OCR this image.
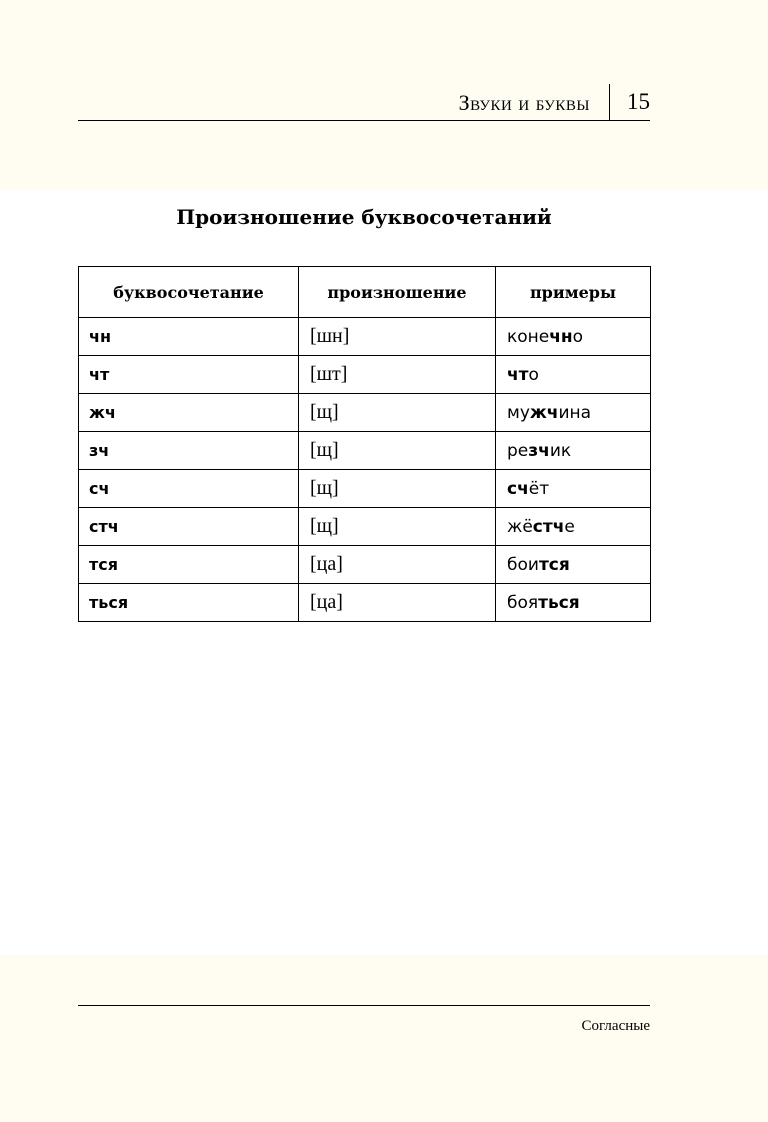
Звуки и буквы 15
Произношение буквосочетаний
буквосочетание	произношение	примеры
чн	[шн]	конечно
чт	[шт]	что
жч	[щ]	мужчина
зч	[щ]	резчик
сч	[щ]	счёт
стч	[щ]	жёстче
тся	[ца]	боится
ться	[ца]	бояться
Согласные
